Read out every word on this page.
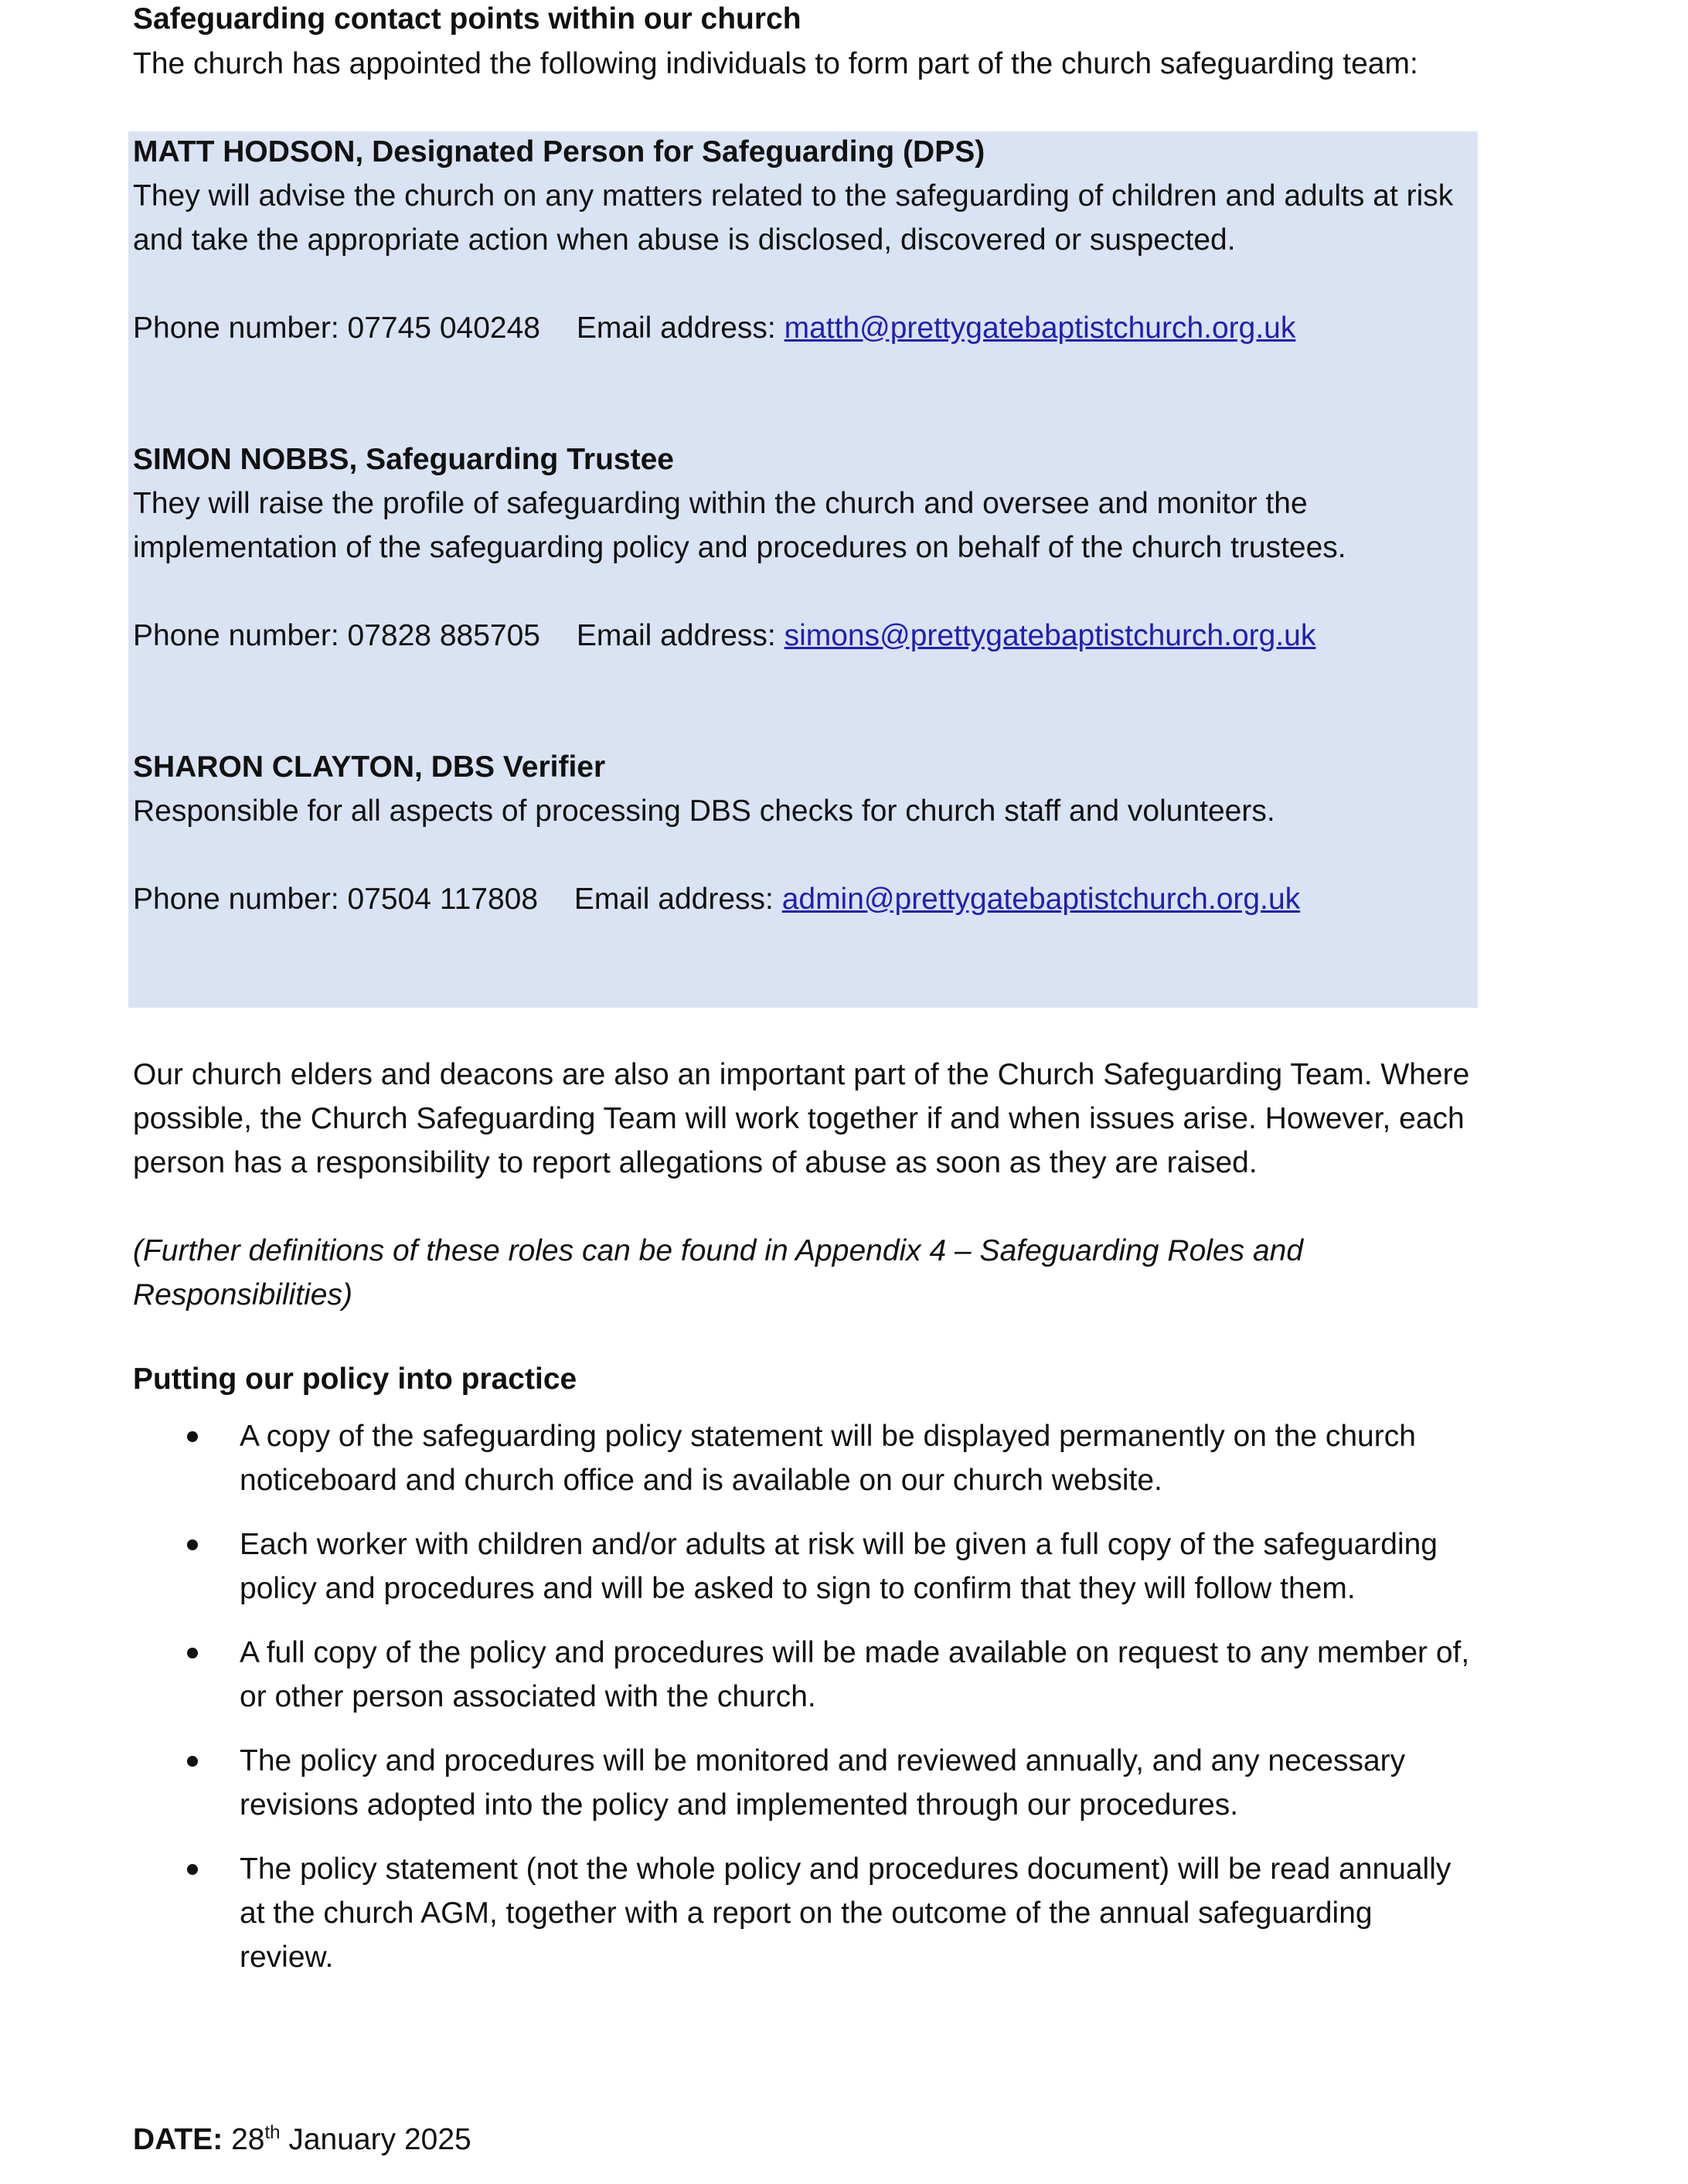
Safeguarding contact points within our church

The church has appointed the following individuals to form part of the church safeguarding team:

MATT HODSON, Designated Person for Safeguarding (DPS)

They will advise the church on any matters related to the safeguarding of children and adults at risk

and take the appropriate action when abuse is disclosed, discovered or suspected.

Phone number: 07745 040248 Email address: matth@prettygatebaptistchurch.org.uk

SIMON NOBBS, Safeguarding Trustee

They will raise the profile of safeguarding within the church and oversee and monitor the

implementation of the safeguarding policy and procedures on behalf of the church trustees.

Phone number: 07828 885705 Email address: simons@prettygatebaptistchurch.org.uk

SHARON CLAYTON, DBS Verifier

Responsible for all aspects of processing DBS checks for church staff and volunteers.

Phone number: 07504 117808 Email address: admin@prettygatebaptistchurch.org.uk

Our church elders and deacons are also an important part of the Church Safeguarding Team. Where

possible, the Church Safeguarding Team will work together if and when issues arise. However, each

person has a responsibility to report allegations of abuse as soon as they are raised.

(Further definitions of these roles can be found in Appendix 4 – Safeguarding Roles and

Responsibilities)

Putting our policy into practice

A copy of the safeguarding policy statement will be displayed permanently on the church
noticeboard and church office and is available on our church website.
Each worker with children and/or adults at risk will be given a full copy of the safeguarding
policy and procedures and will be asked to sign to confirm that they will follow them.
A full copy of the policy and procedures will be made available on request to any member of,
or other person associated with the church.
The policy and procedures will be monitored and reviewed annually, and any necessary
revisions adopted into the policy and implemented through our procedures.
The policy statement (not the whole policy and procedures document) will be read annually
at the church AGM, together with a report on the outcome of the annual safeguarding
review.

DATE: 28th January 2025
